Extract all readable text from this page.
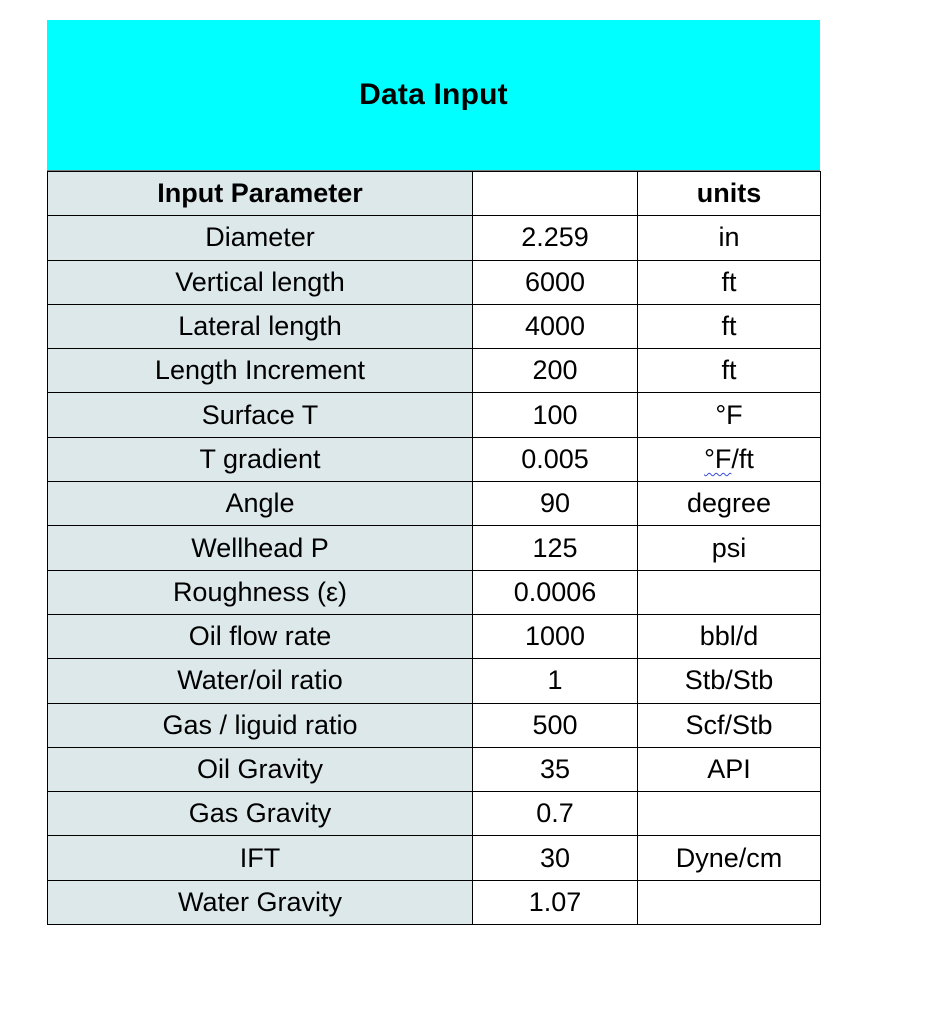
Data Input
Input Parameter		units
Diameter	2.259	in
Vertical length	6000	ft
Lateral length	4000	ft
Length Increment	200	ft
Surface T	100	°F
T gradient	0.005	°F/ft
Angle	90	degree
Wellhead P	125	psi
Roughness (ε)	0.0006	
Oil flow rate	1000	bbl/d
Water/oil ratio	1	Stb/Stb
Gas / liguid ratio	500	Scf/Stb
Oil Gravity	35	API
Gas Gravity	0.7	
IFT	30	Dyne/cm
Water Gravity	1.07	
